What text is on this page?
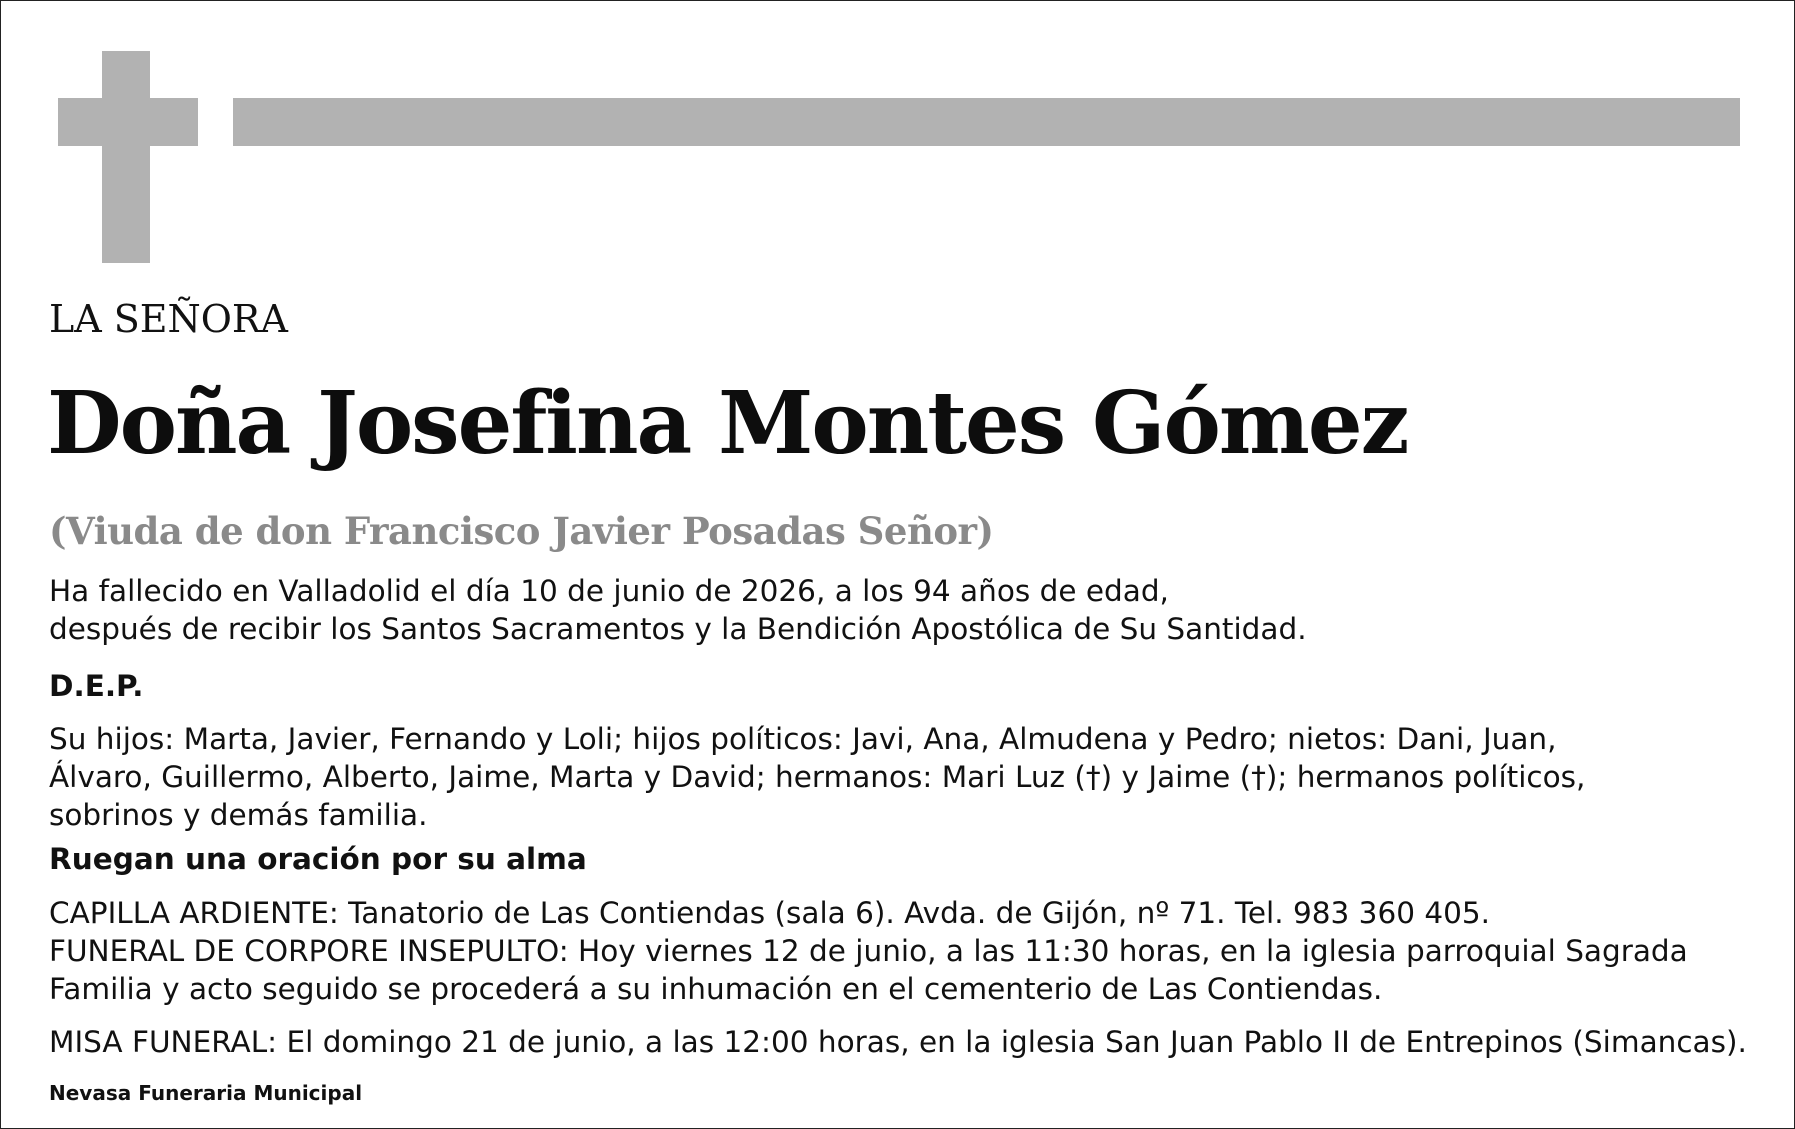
LA SEÑORA
Doña Josefina Montes Gómez
(Viuda de don Francisco Javier Posadas Señor)
Ha fallecido en Valladolid el día 10 de junio de 2026, a los 94 años de edad,
después de recibir los Santos Sacramentos y la Bendición Apostólica de Su Santidad.
D.E.P.
Su hijos: Marta, Javier, Fernando y Loli; hijos políticos: Javi, Ana, Almudena y Pedro; nietos: Dani, Juan,
Álvaro, Guillermo, Alberto, Jaime, Marta y David; hermanos: Mari Luz (†) y Jaime (†); hermanos políticos,
sobrinos y demás familia.
Ruegan una oración por su alma
CAPILLA ARDIENTE: Tanatorio de Las Contiendas (sala 6). Avda. de Gijón, nº 71. Tel. 983 360 405.
FUNERAL DE CORPORE INSEPULTO: Hoy viernes 12 de junio, a las 11:30 horas, en la iglesia parroquial Sagrada
Familia y acto seguido se procederá a su inhumación en el cementerio de Las Contiendas.
MISA FUNERAL: El domingo 21 de junio, a las 12:00 horas, en la iglesia San Juan Pablo II de Entrepinos (Simancas).
Nevasa Funeraria Municipal
